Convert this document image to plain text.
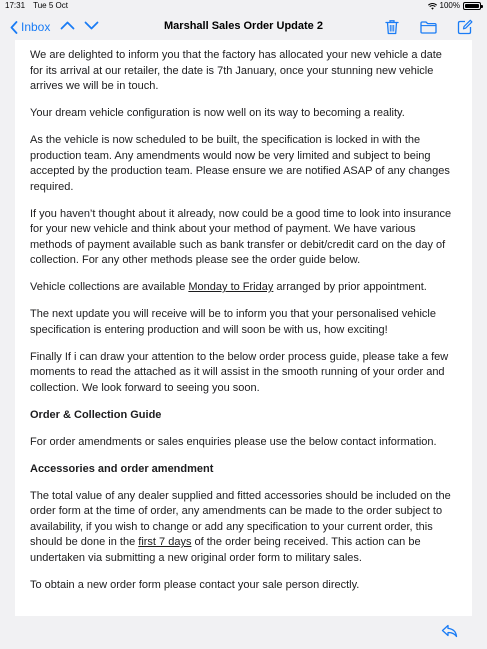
17:31 Tue 5 Oct	100%
Inbox	Marshall Sales Order Update 2

We are delighted to inform you that the factory has allocated your new vehicle a date for its arrival at our retailer, the date is 7th January, once your stunning new vehicle arrives we will be in touch.

Your dream vehicle configuration is now well on its way to becoming a reality.

As the vehicle is now scheduled to be built, the specification is locked in with the production team. Any amendments would now be very limited and subject to being accepted by the production team. Please ensure we are notified ASAP of any changes required.

If you haven’t thought about it already, now could be a good time to look into insurance for your new vehicle and think about your method of payment. We have various methods of payment available such as bank transfer or debit/credit card on the day of collection. For any other methods please see the order guide below.

Vehicle collections are available Monday to Friday arranged by prior appointment.

The next update you will receive will be to inform you that your personalised vehicle specification is entering production and will soon be with us, how exciting!

Finally If i can draw your attention to the below order process guide, please take a few moments to read the attached as it will assist in the smooth running of your order and collection. We look forward to seeing you soon.

Order & Collection Guide

For order amendments or sales enquiries please use the below contact information.

Accessories and order amendment

The total value of any dealer supplied and fitted accessories should be included on the order form at the time of order, any amendments can be made to the order subject to availability, if you wish to change or add any specification to your current order, this should be done in the first 7 days of the order being received. This action can be undertaken via submitting a new original order form to military sales.

To obtain a new order form please contact your sale person directly.
